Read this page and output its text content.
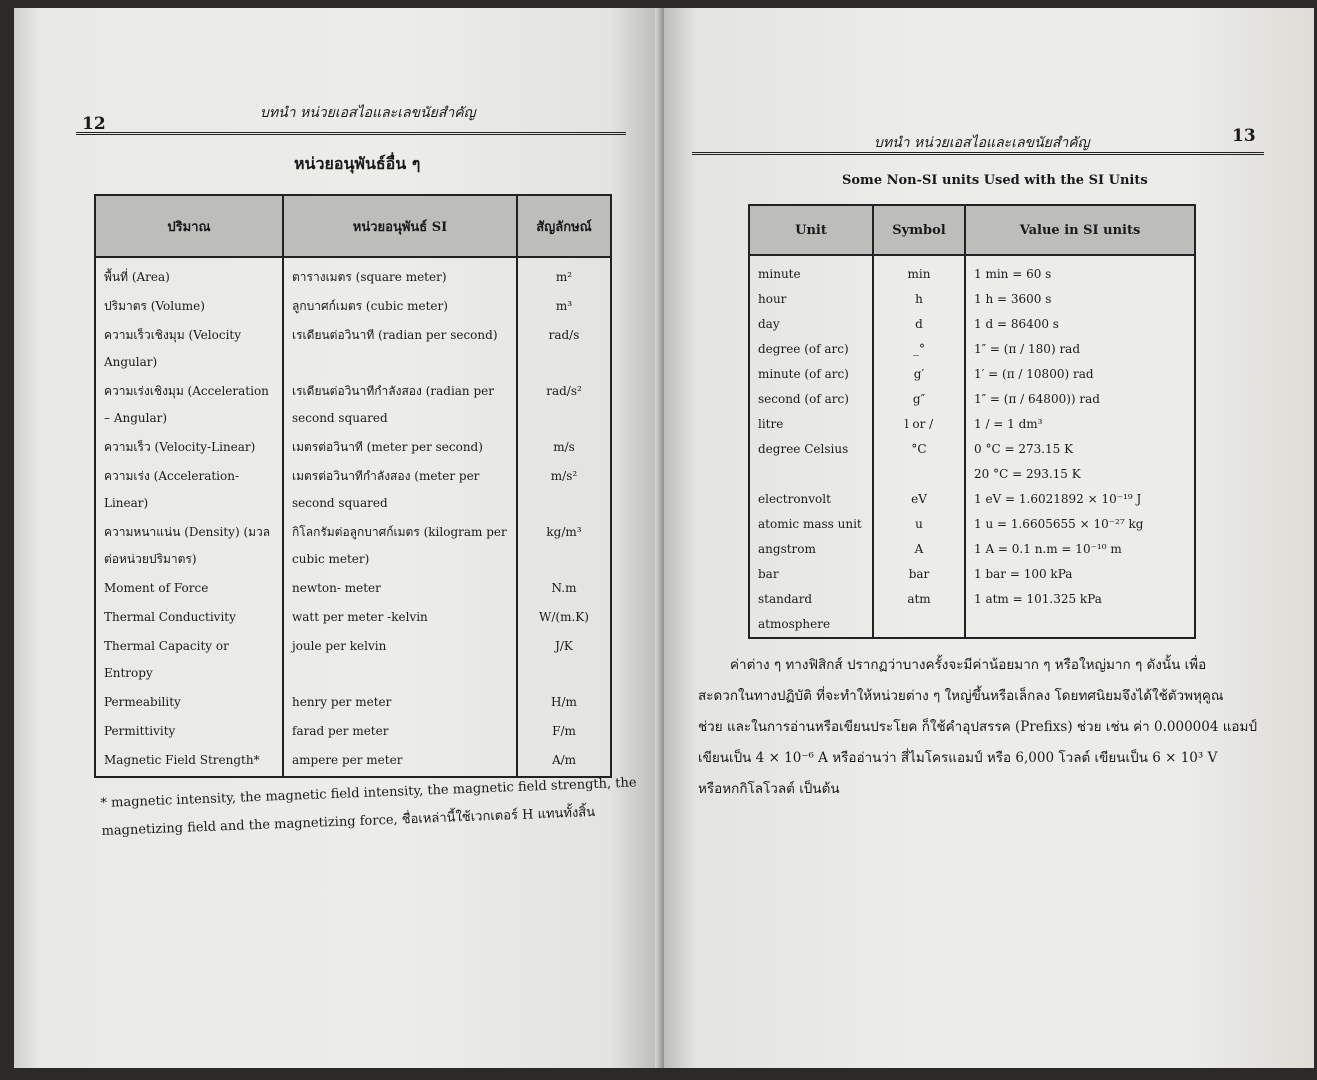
12
บทนำ หน่วยเอสไอและเลขนัยสำคัญ
หน่วยอนุพันธ์อื่น ๆ
ปริมาณ	หน่วยอนุพันธ์ SI	สัญลักษณ์
พื้นที่ (Area)	ตารางเมตร (square meter)	m²
ปริมาตร (Volume)	ลูกบาศก์เมตร (cubic meter)	m³
ความเร็วเชิงมุม (Velocity Angular)	เรเดียนต่อวินาที (radian per second)	rad/s
ความเร่งเชิงมุม (Acceleration – Angular)	เรเดียนต่อวินาทีกำลังสอง (radian per second squared	rad/s²
ความเร็ว (Velocity-Linear)	เมตรต่อวินาที (meter per second)	m/s
ความเร่ง (Acceleration-Linear)	เมตรต่อวินาทีกำลังสอง (meter per second squared	m/s²
ความหนาแน่น (Density) (มวลต่อหน่วยปริมาตร)	กิโลกรัมต่อลูกบาศก์เมตร (kilogram per cubic meter)	kg/m³
Moment of Force	newton- meter	N.m
Thermal Conductivity	watt per meter -kelvin	W/(m.K)
Thermal Capacity or Entropy	joule per kelvin	J/K
Permeability	henry per meter	H/m
Permittivity	farad per meter	F/m
Magnetic Field Strength*	ampere per meter	A/m
* magnetic intensity, the magnetic field intensity, the magnetic field strength, the magnetizing field and the magnetizing force, ชื่อเหล่านี้ใช้เวกเตอร์ H แทนทั้งสิ้น
บทนำ หน่วยเอสไอและเลขนัยสำคัญ	13
Some Non-SI units Used with the SI Units
Unit	Symbol	Value in SI units
minute	min	1 min = 60 s
hour	h	1 h = 3600 s
day	d	1 d = 86400 s
degree (of arc)	_°	1″ = (π / 180) rad
minute (of arc)	g′	1′ = (π / 10800) rad
second (of arc)	g″	1″ = (π / 64800)) rad
litre	l or /	1 / = 1 dm³
degree Celsius	°C	0 °C = 273.15 K
		20 °C = 293.15 K
electronvolt	eV	1 eV = 1.6021892 × 10⁻¹⁹ J
atomic mass unit	u	1 u = 1.6605655 × 10⁻²⁷ kg
angstrom	A	1 A = 0.1 n.m = 10⁻¹⁰ m
bar	bar	1 bar = 100 kPa
standard atmosphere	atm	1 atm = 101.325 kPa
ค่าต่าง ๆ ทางฟิสิกส์ ปรากฏว่าบางครั้งจะมีค่าน้อยมาก ๆ หรือใหญ่มาก ๆ ดังนั้น เพื่อ
สะดวกในทางปฏิบัติ ที่จะทำให้หน่วยต่าง ๆ ใหญ่ขึ้นหรือเล็กลง โดยทศนิยมจึงได้ใช้ตัวพหุคูณ
ช่วย และในการอ่านหรือเขียนประโยค ก็ใช้คำอุปสรรค (Prefixs) ช่วย เช่น ค่า 0.000004 แอมป์
เขียนเป็น 4 × 10⁻⁶ A หรืออ่านว่า สี่ไมโครแอมป์ หรือ 6,000 โวลต์ เขียนเป็น 6 × 10³ V
หรือหกกิโลโวลต์ เป็นต้น
